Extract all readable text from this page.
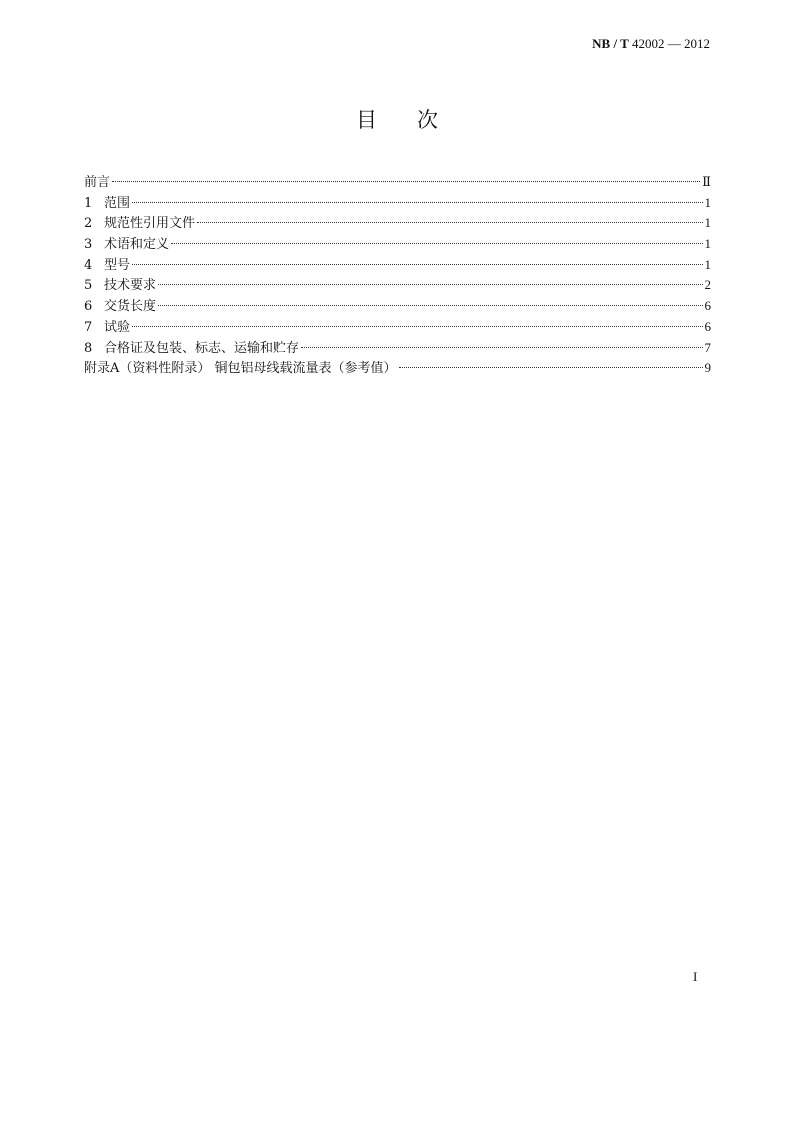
NB / T 42002 — 2012
目次
前言	Ⅱ
1 范围	1
2 规范性引用文件	1
3 术语和定义	1
4 型号	1
5 技术要求	2
6 交货长度	6
7 试验	6
8 合格证及包装、标志、运输和贮存	7
附录A（资料性附录） 铜包铝母线载流量表（参考值）	9
I
